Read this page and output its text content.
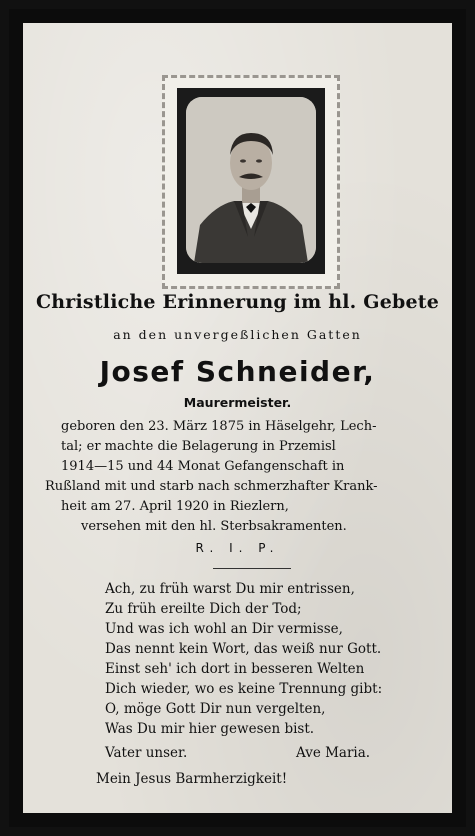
Christliche Erinnerung im hl. Gebete
an den unvergeßlichen Gatten
Josef Schneider,
Maurermeister.
geboren den 23. März 1875 in Häselgehr, Lech-
tal; er machte die Belagerung in Przemisl
1914—15 und 44 Monat Gefangenschaft in
Rußland mit und starb nach schmerzhafter Krank-
heit am 27. April 1920 in Riezlern,
versehen mit den hl. Sterbsakramenten.
R. I. P.
Ach, zu früh warst Du mir entrissen,
Zu früh ereilte Dich der Tod;
Und was ich wohl an Dir vermisse,
Das nennt kein Wort, das weiß nur Gott.
Einst seh' ich dort in besseren Welten
Dich wieder, wo es keine Trennung gibt:
O, möge Gott Dir nun vergelten,
Was Du mir hier gewesen bist.
Vater unser.	Ave Maria.
Mein Jesus Barmherzigkeit!
